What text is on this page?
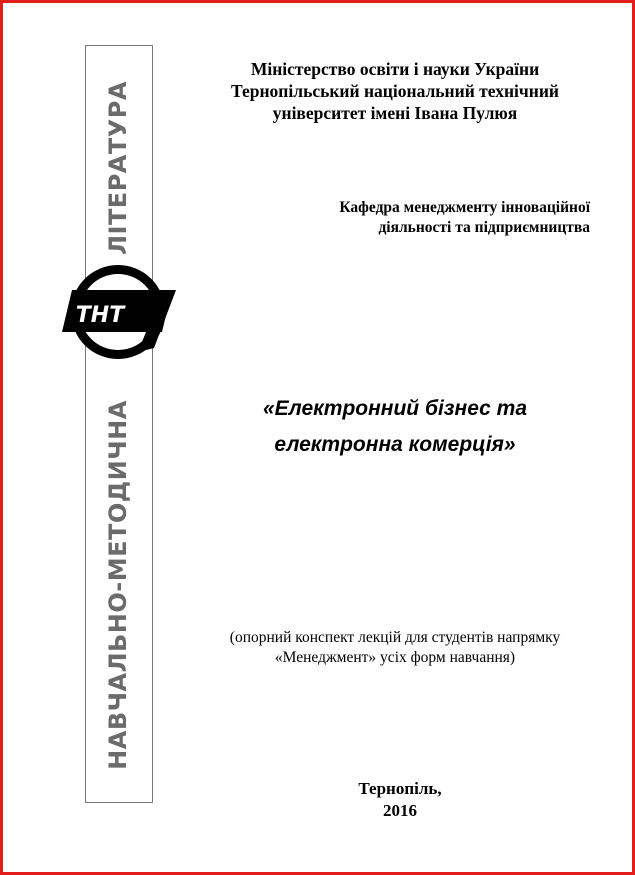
ЛІТЕРАТУРА
НАВЧАЛЬНО-МЕТОДИЧНА
ТНТ
Міністерство освіти і науки України
Тернопільський національний технічний
університет імені Івана Пулюя
Кафедра менеджменту інноваційної
діяльності та підприємництва
«Електронний бізнес та
електронна комерція»
(опорний конспект лекцій для студентів напрямку
«Менеджмент» усіх форм навчання)
Тернопіль,
2016
